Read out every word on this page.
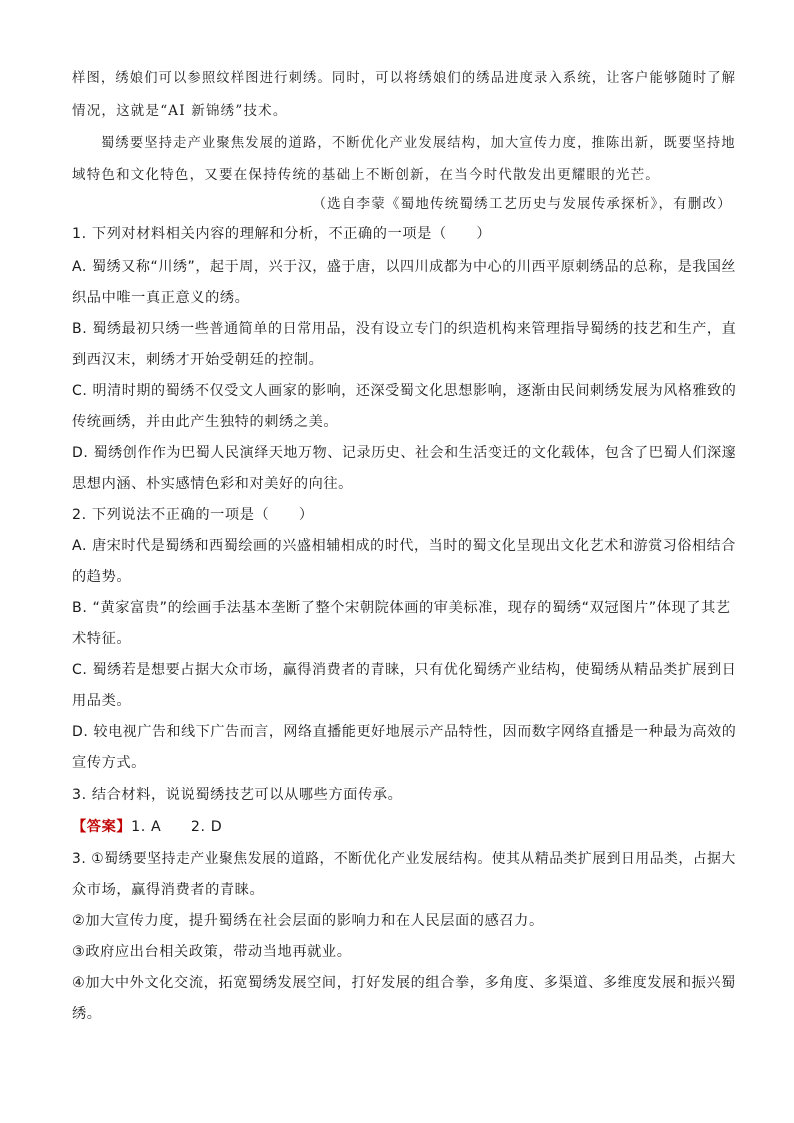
样图，绣娘们可以参照纹样图进行刺绣。同时，可以将绣娘们的绣品进度录入系统，让客户能够随时了解
情况，这就是“AI 新锦绣”技术。
蜀绣要坚持走产业聚焦发展的道路，不断优化产业发展结构，加大宣传力度，推陈出新，既要坚持地
域特色和文化特色，又要在保持传统的基础上不断创新，在当今时代散发出更耀眼的光芒。
（选自李蒙《蜀地传统蜀绣工艺历史与发展传承探析》，有删改）
1. 下列对材料相关内容的理解和分析，不正确的一项是（　　）
A. 蜀绣又称“川绣”，起于周，兴于汉，盛于唐，以四川成都为中心的川西平原刺绣品的总称，是我国丝
织品中唯一真正意义的绣。
B. 蜀绣最初只绣一些普通简单的日常用品，没有设立专门的织造机构来管理指导蜀绣的技艺和生产，直
到西汉末，刺绣才开始受朝廷的控制。
C. 明清时期的蜀绣不仅受文人画家的影响，还深受蜀文化思想影响，逐渐由民间刺绣发展为风格雅致的
传统画绣，并由此产生独特的刺绣之美。
D. 蜀绣创作作为巴蜀人民演绎天地万物、记录历史、社会和生活变迁的文化载体，包含了巴蜀人们深邃
思想内涵、朴实感情色彩和对美好的向往。
2. 下列说法不正确的一项是（　　）
A. 唐宋时代是蜀绣和西蜀绘画的兴盛相辅相成的时代，当时的蜀文化呈现出文化艺术和游赏习俗相结合
的趋势。
B. “黄家富贵”的绘画手法基本垄断了整个宋朝院体画的审美标准，现存的蜀绣“双冠图片”体现了其艺
术特征。
C. 蜀绣若是想要占据大众市场，赢得消费者的青睐，只有优化蜀绣产业结构，使蜀绣从精品类扩展到日
用品类。
D. 较电视广告和线下广告而言，网络直播能更好地展示产品特性，因而数字网络直播是一种最为高效的
宣传方式。
3. 结合材料，说说蜀绣技艺可以从哪些方面传承。
【答案】1. A　　2. D
3. ①蜀绣要坚持走产业聚焦发展的道路，不断优化产业发展结构。使其从精品类扩展到日用品类，占据大
众市场，赢得消费者的青睐。
②加大宣传力度，提升蜀绣在社会层面的影响力和在人民层面的感召力。
③政府应出台相关政策，带动当地再就业。
④加大中外文化交流，拓宽蜀绣发展空间，打好发展的组合拳，多角度、多渠道、多维度发展和振兴蜀
绣。
